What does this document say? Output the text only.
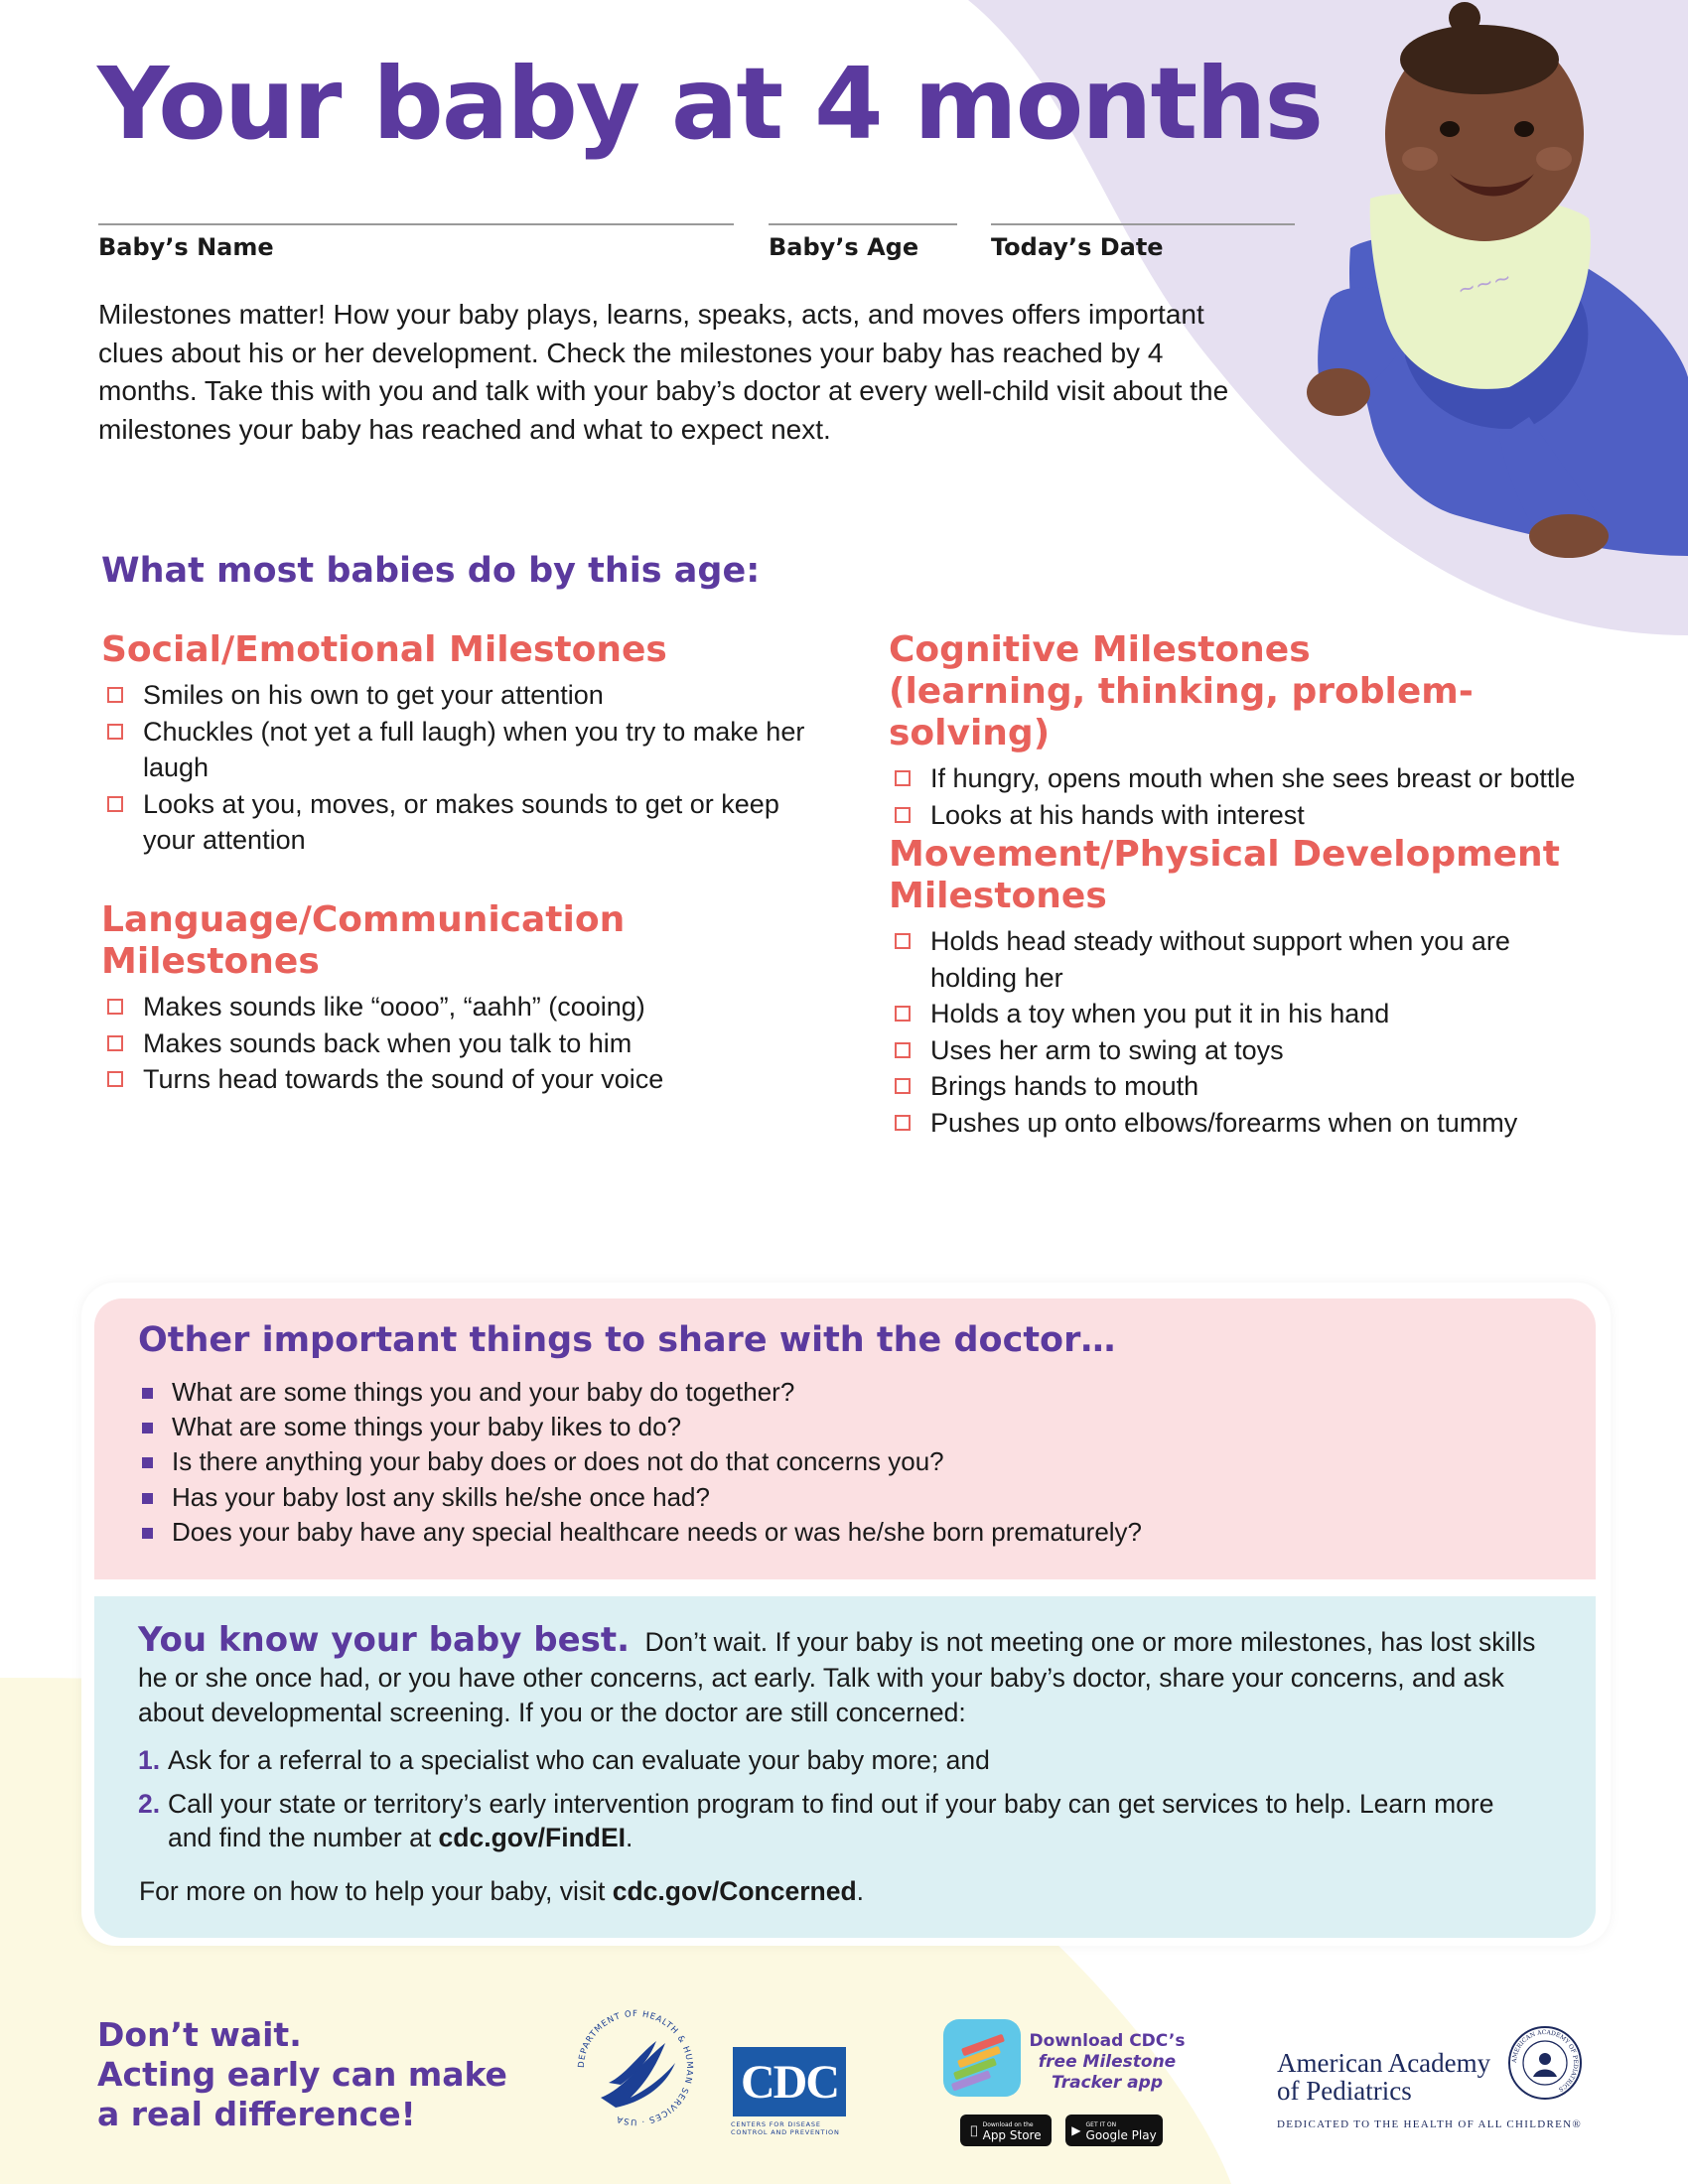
~~~
Your baby at 4 months
Baby’s Name	Baby’s Age	Today’s Date

Milestones matter! How your baby plays, learns, speaks, acts, and moves offers important clues about his or her development. Check the milestones your baby has reached by 4 months. Take this with you and talk with your baby’s doctor at every well-child visit about the milestones your baby has reached and what to expect next.

What most babies do by this age:
Social/Emotional Milestones
Smiles on his own to get your attention
Chuckles (not yet a full laugh) when you try to make her laugh
Looks at you, moves, or makes sounds to get or keep your attention
Language/Communication Milestones
Makes sounds like “oooo”, “aahh” (cooing)
Makes sounds back when you talk to him
Turns head towards the sound of your voice
Cognitive Milestones
(learning, thinking, problem-solving)
If hungry, opens mouth when she sees breast or bottle
Looks at his hands with interest
Movement/Physical Development
Milestones
Holds head steady without support when you are holding her
Holds a toy when you put it in his hand
Uses her arm to swing at toys
Brings hands to mouth
Pushes up onto elbows/forearms when on tummy
Other important things to share with the doctor…
What are some things you and your baby do together?
What are some things your baby likes to do?
Is there anything your baby does or does not do that concerns you?
Has your baby lost any skills he/she once had?
Does your baby have any special healthcare needs or was he/she born prematurely?

You know your baby best. Don’t wait. If your baby is not meeting one or more milestones, has lost skills he or she once had, or you have other concerns, act early. Talk with your baby’s doctor, share your concerns, and ask about developmental screening. If you or the doctor are still concerned:

1. Ask for a referral to a specialist who can evaluate your baby more; and
2. Call your state or territory’s early intervention program to find out if your baby can get services to help. Learn more and find the number at cdc.gov/FindEI.

For more on how to help your baby, visit cdc.gov/Concerned.

Don’t wait.
Acting early can make
a real difference!

DEPARTMENT OF HEALTH & HUMAN SERVICES · USA
CDC
CENTERS FOR DISEASE
CONTROL AND PREVENTION
Download CDC’s
free Milestone
Tracker app
Download on the
App Store	▶ GET IT ON
Google Play
American Academy
of Pediatrics
AMERICAN ACADEMY OF PEDIATRICS
DEDICATED TO THE HEALTH OF ALL CHILDREN®
